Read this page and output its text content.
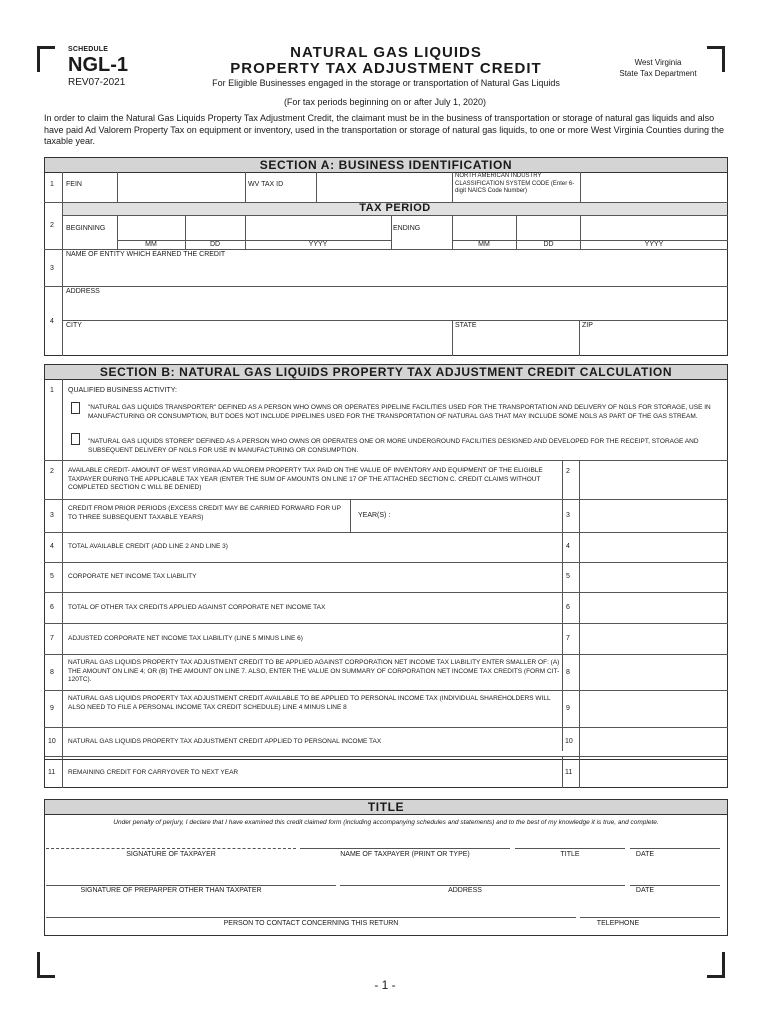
SCHEDULE
NGL-1
REV07-2021
NATURAL GAS LIQUIDS
PROPERTY TAX ADJUSTMENT CREDIT
For Eligible Businesses engaged in the storage or transportation of Natural Gas Liquids
West Virginia
State Tax Department
(For tax periods beginning on or after July 1, 2020)
In order to claim the Natural Gas Liquids Property Tax Adjustment Credit, the claimant must be in the business of transportation or storage of natural gas liquids and also have paid Ad Valorem Property Tax on equipment or inventory, used in the transportation or storage of natural gas liquids, to one or more West Virginia Counties during the taxable year.
SECTION A: BUSINESS IDENTIFICATION
1 FEIN	WV TAX ID
NORTH AMERICAN INDUSTRY CLASSIFICATION SYSTEM CODE (Enter 6-digit NAICS Code Number)
TAX PERIOD
2 BEGINNING	ENDING
MM	DD	YYYY	MM	DD	YYYY
3
NAME OF ENTITY WHICH EARNED THE CREDIT
4
ADDRESS
CITY	STATE	ZIP
SECTION B: NATURAL GAS LIQUIDS PROPERTY TAX ADJUSTMENT CREDIT CALCULATION
1 QUALIFIED BUSINESS ACTIVITY:
"NATURAL GAS LIQUIDS TRANSPORTER" DEFINED AS A PERSON WHO OWNS OR OPERATES PIPELINE FACILITIES USED FOR THE TRANSPORTATION AND DELIVERY OF NGLS FOR STORAGE, USE IN MANUFACTURING OR CONSUMPTION, BUT DOES NOT INCLUDE PIPELINES USED FOR THE TRANSPORTATION OF NATURAL GAS THAT MAY INCLUDE SOME NGLS AS PART OF THE GAS STREAM.
"NATURAL GAS LIQUIDS STORER" DEFINED AS A PERSON WHO OWNS OR OPERATES ONE OR MORE UNDERGROUND FACILITIES DESIGNED AND DEVELOPED FOR THE RECEIPT, STORAGE AND SUBSEQUENT DELIVERY OF NGLS FOR USE IN MANUFACTURING OR CONSUMPTION.
2 AVAILABLE CREDIT- AMOUNT OF WEST VIRGINIA AD VALOREM PROPERTY TAX PAID ON THE VALUE OF INVENTORY AND EQUIPMENT OF THE ELIGIBLE TAXPAYER DURING THE APPLICABLE TAX YEAR (ENTER THE SUM OF AMOUNTS ON LINE 17 OF THE ATTACHED SECTION C. CREDIT CLAIMS WITHOUT COMPLETED SECTION C WILL BE DENIED)
2
3
CREDIT FROM PRIOR PERIODS (EXCESS CREDIT MAY BE CARRIED FORWARD FOR UP TO THREE SUBSEQUENT TAXABLE YEARS)	YEAR(S) :	3
4 TOTAL AVAILABLE CREDIT (ADD LINE 2 AND LINE 3)	4
5 CORPORATE NET INCOME TAX LIABILITY	5
6 TOTAL OF OTHER TAX CREDITS APPLIED AGAINST CORPORATE NET INCOME TAX	6
7 ADJUSTED CORPORATE NET INCOME TAX LIABILITY (LINE 5 MINUS LINE 6)	7
8
NATURAL GAS LIQUIDS PROPERTY TAX ADJUSTMENT CREDIT TO BE APPLIED AGAINST CORPORATION NET INCOME TAX LIABILITY ENTER SMALLER OF: (A) THE AMOUNT ON LINE 4; OR (B) THE AMOUNT ON LINE 7. ALSO, ENTER THE VALUE ON SUMMARY OF CORPORATION NET INCOME TAX CREDITS (FORM CIT-120TC).
8
9
NATURAL GAS LIQUIDS PROPERTY TAX ADJUSTMENT CREDIT AVAILABLE TO BE APPLIED TO PERSONAL INCOME TAX (INDIVIDUAL SHAREHOLDERS WILL ALSO NEED TO FILE A PERSONAL INCOME TAX CREDIT SCHEDULE) LINE 4 MINUS LINE 8	9
10 NATURAL GAS LIQUIDS PROPERTY TAX ADJUSTMENT CREDIT APPLIED TO PERSONAL INCOME TAX	10
11 REMAINING CREDIT FOR CARRYOVER TO NEXT YEAR	11
TITLE
Under penalty of perjury, I declare that I have examined this credit claimed form (including accompanying schedules and statements) and to the best of my knowledge it is true, and complete.
SIGNATURE OF TAXPAYER	NAME OF TAXPAYER (PRINT OR TYPE)	TITLE	DATE
SIGNATURE OF PREPARPER OTHER THAN TAXPATER	ADDRESS	DATE
PERSON TO CONTACT CONCERNING THIS RETURN	TELEPHONE
- 1 -
